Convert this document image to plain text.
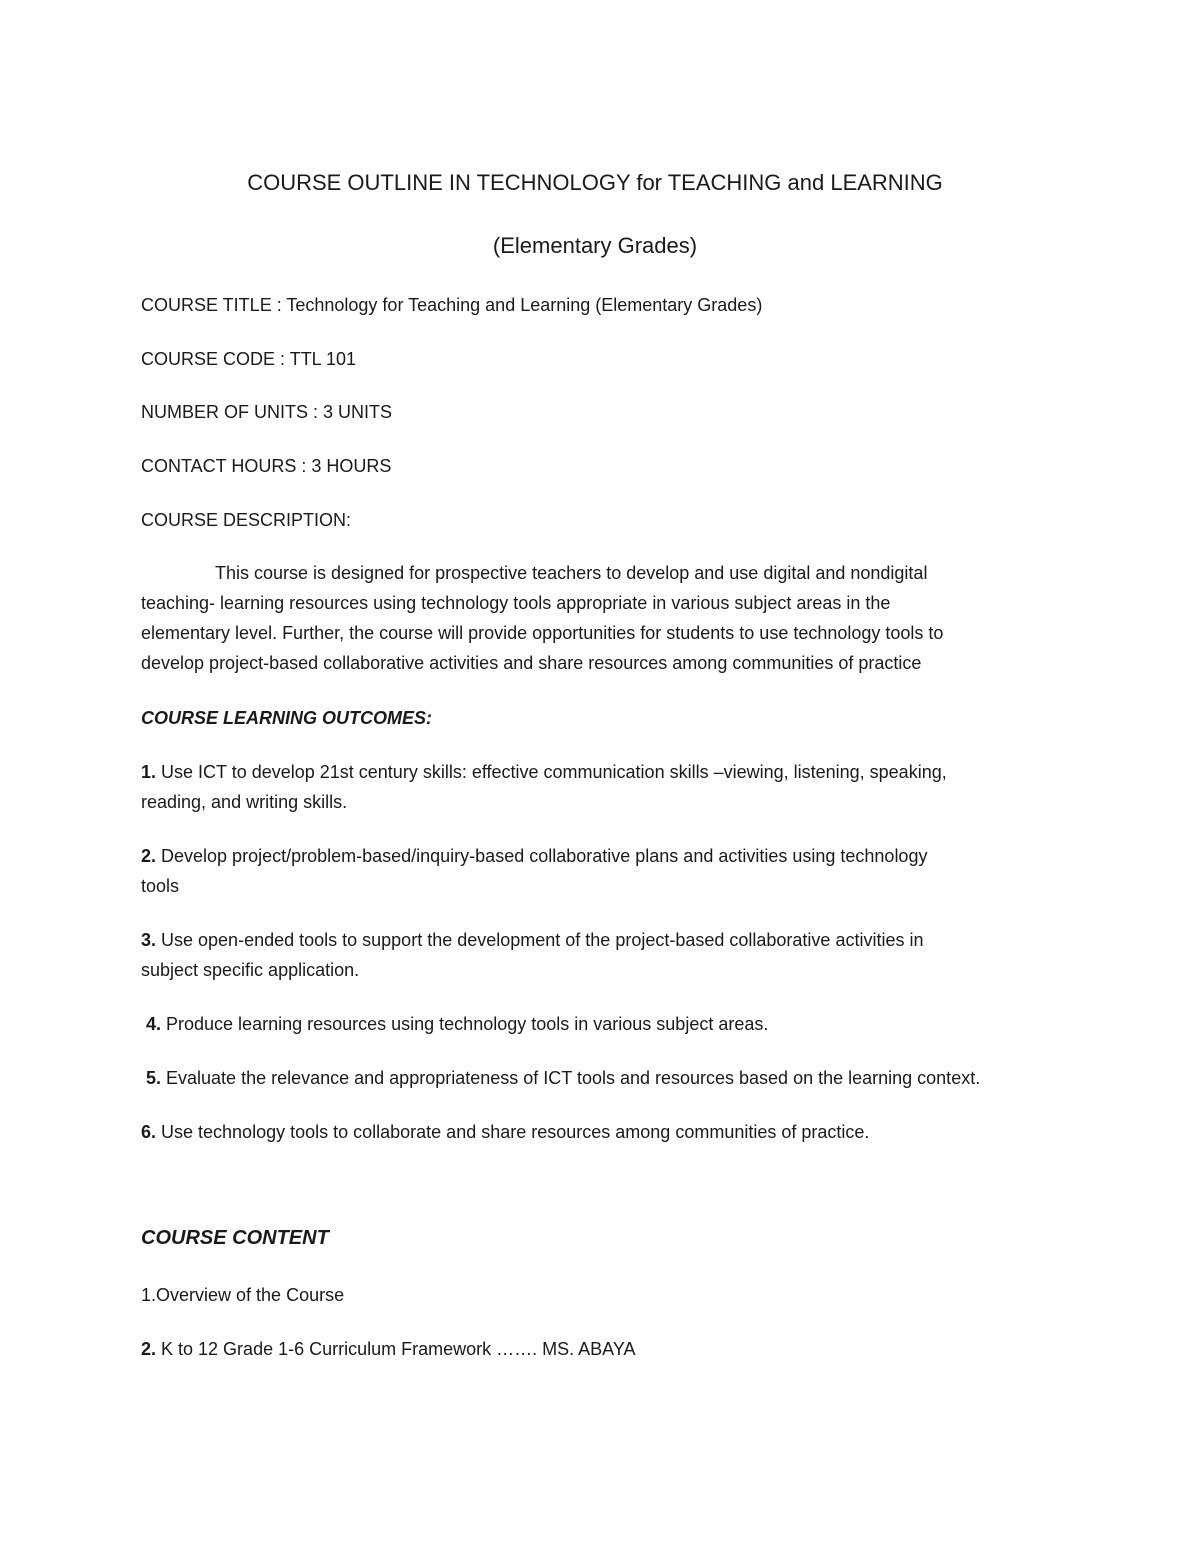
COURSE OUTLINE IN TECHNOLOGY for TEACHING and LEARNING
(Elementary Grades)
COURSE TITLE : Technology for Teaching and Learning (Elementary Grades)
COURSE CODE : TTL 101
NUMBER OF UNITS : 3 UNITS
CONTACT HOURS : 3 HOURS
COURSE DESCRIPTION:
This course is designed for prospective teachers to develop and use digital and nondigital
teaching- learning resources using technology tools appropriate in various subject areas in the
elementary level. Further, the course will provide opportunities for students to use technology tools to
develop project-based collaborative activities and share resources among communities of practice
COURSE LEARNING OUTCOMES:
1. Use ICT to develop 21st century skills: effective communication skills –viewing, listening, speaking,
reading, and writing skills.
2. Develop project/problem-based/inquiry-based collaborative plans and activities using technology
tools
3. Use open-ended tools to support the development of the project-based collaborative activities in
subject specific application.
4. Produce learning resources using technology tools in various subject areas.
5. Evaluate the relevance and appropriateness of ICT tools and resources based on the learning context.
6. Use technology tools to collaborate and share resources among communities of practice.
COURSE CONTENT
1.Overview of the Course
2. K to 12 Grade 1-6 Curriculum Framework ……. MS. ABAYA
